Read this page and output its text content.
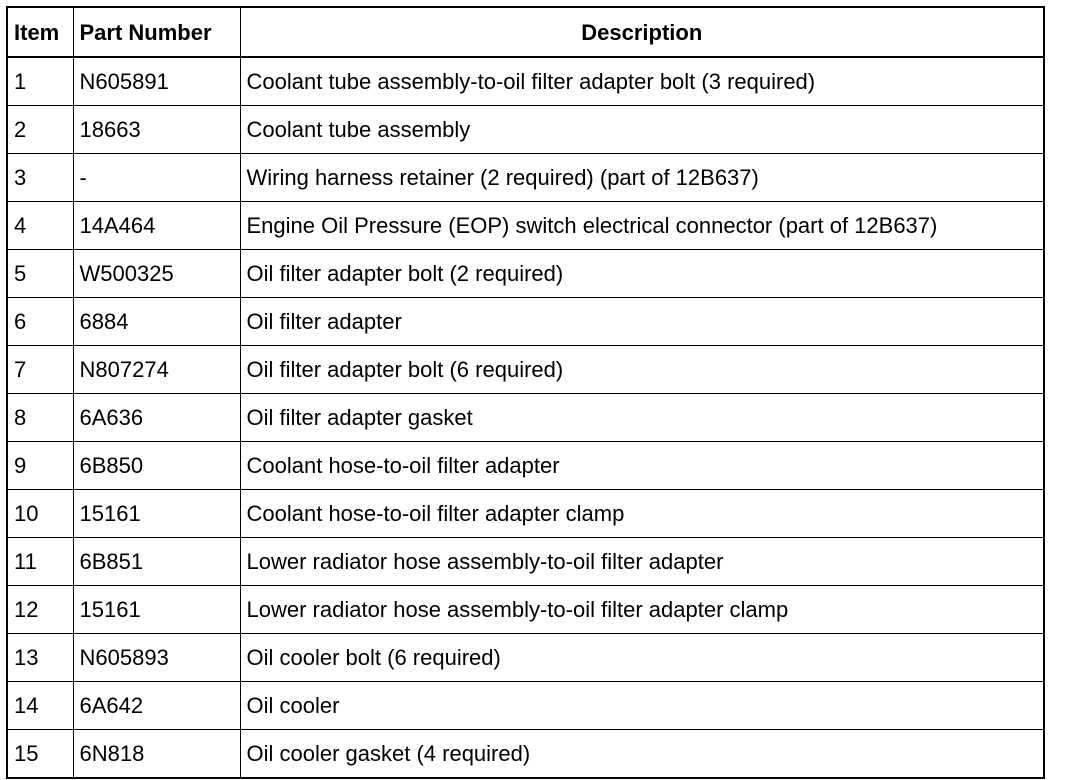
Item	Part Number	Description
1	N605891	Coolant tube assembly-to-oil filter adapter bolt (3 required)
2	18663	Coolant tube assembly
3	-	Wiring harness retainer (2 required) (part of 12B637)
4	14A464	Engine Oil Pressure (EOP) switch electrical connector (part of 12B637)
5	W500325	Oil filter adapter bolt (2 required)
6	6884	Oil filter adapter
7	N807274	Oil filter adapter bolt (6 required)
8	6A636	Oil filter adapter gasket
9	6B850	Coolant hose-to-oil filter adapter
10	15161	Coolant hose-to-oil filter adapter clamp
11	6B851	Lower radiator hose assembly-to-oil filter adapter
12	15161	Lower radiator hose assembly-to-oil filter adapter clamp
13	N605893	Oil cooler bolt (6 required)
14	6A642	Oil cooler
15	6N818	Oil cooler gasket (4 required)
